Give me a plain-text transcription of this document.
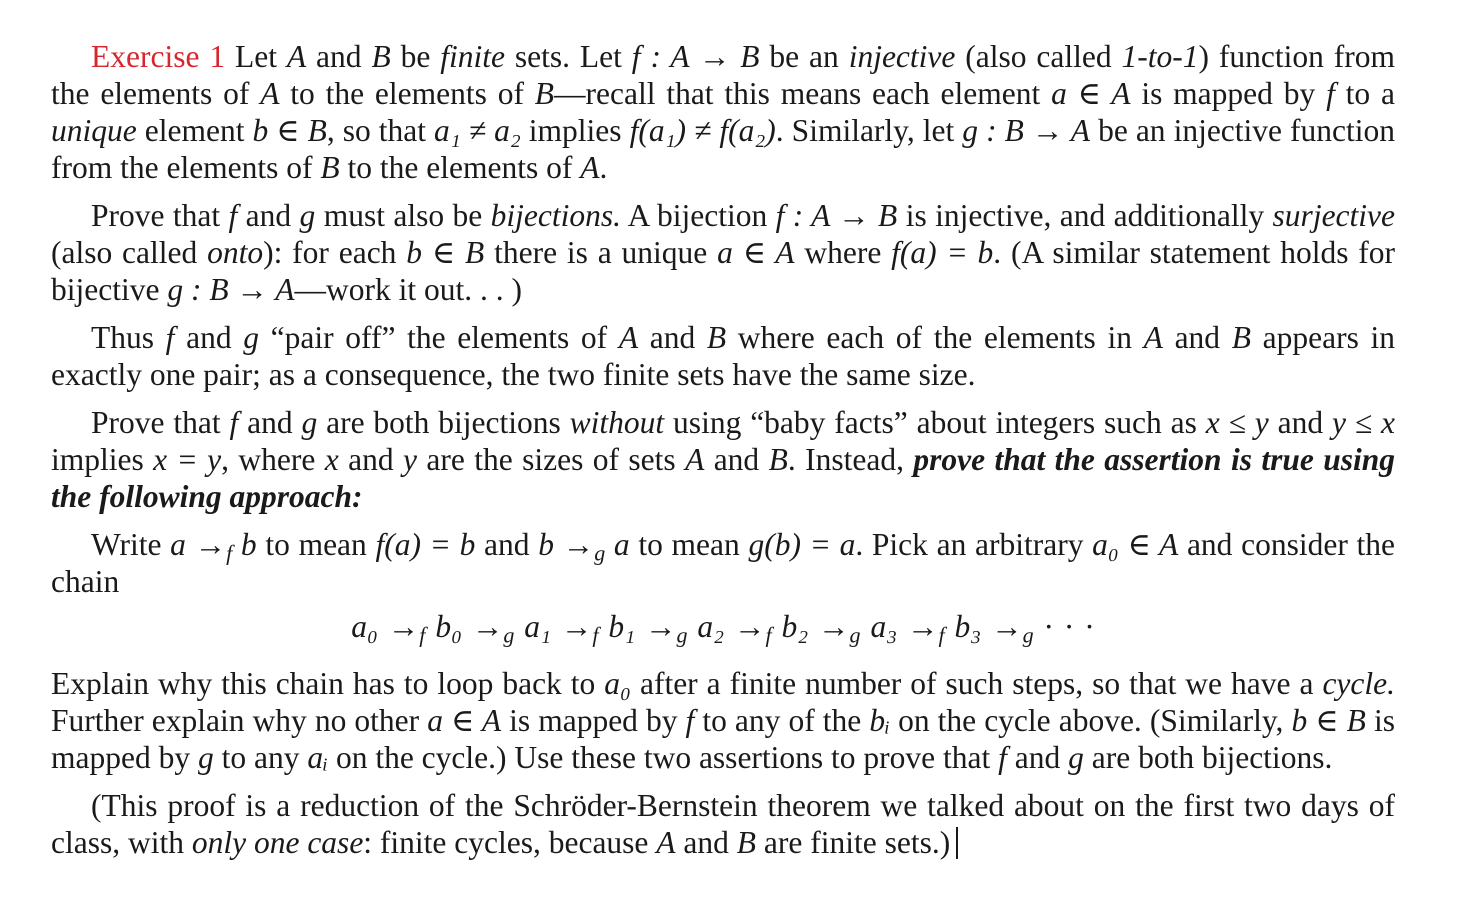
Exercise 1 Let A and B be finite sets. Let f : A → B be an injective (also called 1-to-1) function from the elements of A to the elements of B—recall that this means each element a ∈ A is mapped by f to a unique element b ∈ B, so that a₁ ≠ a₂ implies f(a₁) ≠ f(a₂). Similarly, let g : B → A be an injective function from the elements of B to the elements of A.

Prove that f and g must also be bijections. A bijection f : A → B is injective, and additionally surjective (also called onto): for each b ∈ B there is a unique a ∈ A where f(a) = b. (A similar statement holds for bijective g : B → A—work it out. . . )

Thus f and g “pair off” the elements of A and B where each of the elements in A and B appears in exactly one pair; as a consequence, the two finite sets have the same size.

Prove that f and g are both bijections without using “baby facts” about integers such as x ≤ y and y ≤ x implies x = y, where x and y are the sizes of sets A and B. Instead, prove that the assertion is true using the following approach:

Write $a \to_f$ b to mean f(a) = b and $b \to_g$ a to mean g(b) = a. Pick an arbitrary a₀ ∈ A and consider the chain

$a_0 \to_f$ $b_0 \to_g$ $a_1 \to_f$ $b_1 \to_g$ $a_2 \to_f$ $b_2 \to_g$ $a_3 \to_f$ $b_3 \to_g$ · · ·

Explain why this chain has to loop back to a₀ after a finite number of such steps, so that we have a cycle. Further explain why no other a ∈ A is mapped by f to any of the bᵢ on the cycle above. (Similarly, b ∈ B is mapped by g to any aᵢ on the cycle.) Use these two assertions to prove that f and g are both bijections.

(This proof is a reduction of the Schröder-Bernstein theorem we talked about on the first two days of class, with only one case: finite cycles, because A and B are finite sets.)
